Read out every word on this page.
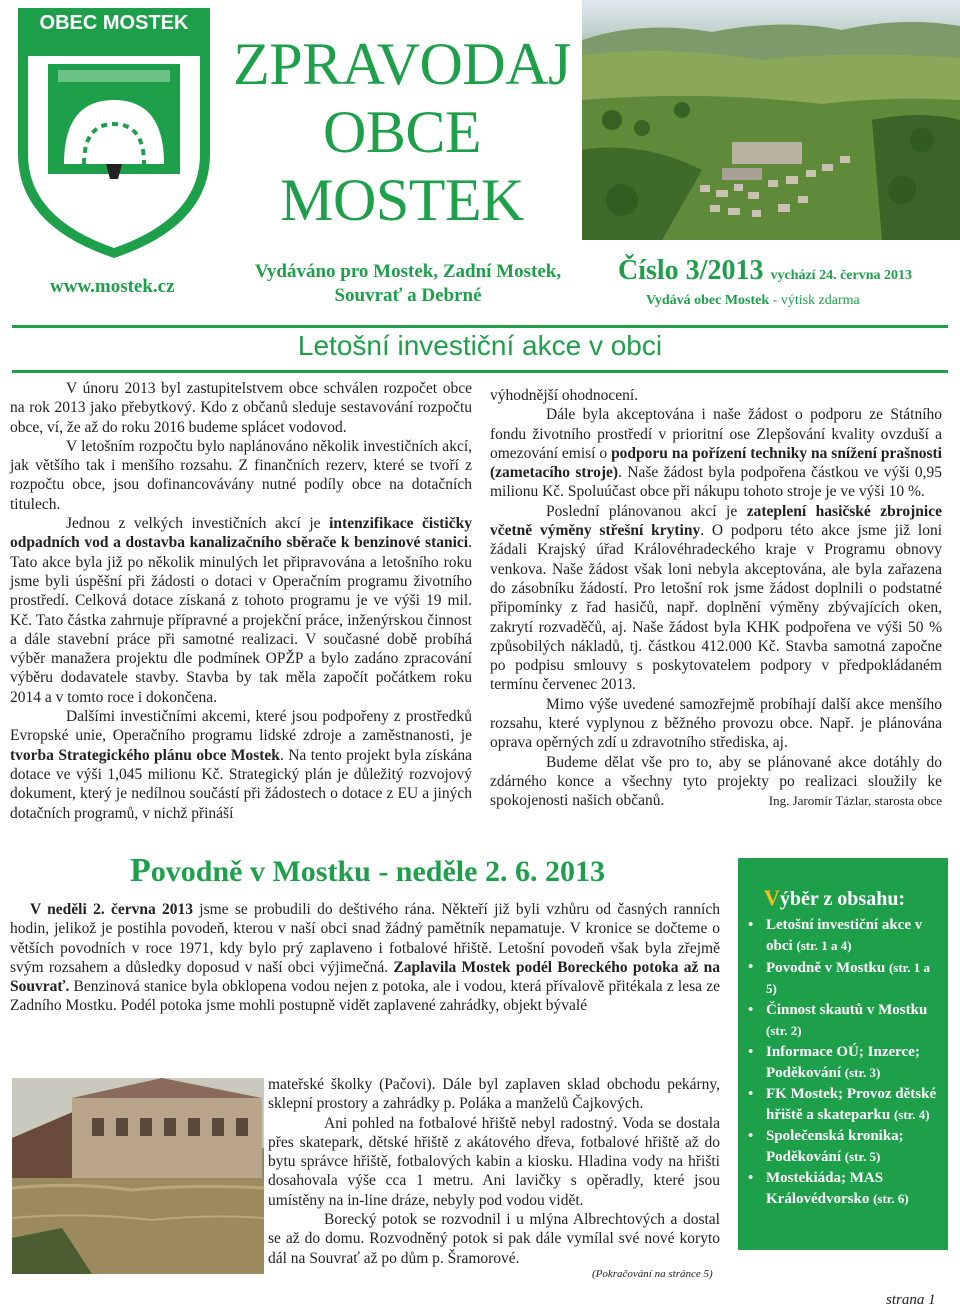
OBEC MOSTEK
www.mostek.cz
ZPRAVODAJ
OBCE
MOSTEK
Vydáváno pro Mostek, Zadní Mostek, Souvrať a Debrné
Číslo 3/2013 vychází 24. června 2013
Vydává obec Mostek - výtisk zdarma
Letošní investiční akce v obci

V únoru 2013 byl zastupitelstvem obce schválen rozpočet obce na rok 2013 jako přebytkový. Kdo z občanů sleduje sestavování rozpočtu obce, ví, že až do roku 2016 budeme splácet vodovod.

V letošním rozpočtu bylo naplánováno několik investičních akcí, jak většího tak i menšího rozsahu. Z finančních rezerv, které se tvoří z rozpočtu obce, jsou dofinancovávány nutné podíly obce na dotačních titulech.

Jednou z velkých investičních akcí je intenzifikace čističky odpadních vod a dostavba kanalizačního sběrače k benzinové stanici. Tato akce byla již po několik minulých let připravována a letošního roku jsme byli úspěšní při žádosti o dotaci v Operačním programu životního prostředí. Celková dotace získaná z tohoto programu je ve výši 19 mil. Kč. Tato částka zahrnuje přípravné a projekční práce, inženýrskou činnost a dále stavební práce při samotné realizaci. V současné době probíhá výběr manažera projektu dle podmínek OPŽP a bylo zadáno zpracování výběru dodavatele stavby. Stavba by tak měla započít počátkem roku 2014 a v tomto roce i dokončena.

Dalšími investičními akcemi, které jsou podpořeny z prostředků Evropské unie, Operačního programu lidské zdroje a zaměstnanosti, je tvorba Strategického plánu obce Mostek. Na tento projekt byla získána dotace ve výši 1,045 milionu Kč. Strategický plán je důležitý rozvojový dokument, který je nedílnou součástí při žádostech o dotace z EU a jiných dotačních programů, v nichž přináší

výhodnější ohodnocení.

Dále byla akceptována i naše žádost o podporu ze Státního fondu životního prostředí v prioritní ose Zlepšování kvality ovzduší a omezování emisí o podporu na pořízení techniky na snížení prašnosti (zametacího stroje). Naše žádost byla podpořena částkou ve výši 0,95 milionu Kč. Spoluúčast obce při nákupu tohoto stroje je ve výši 10 %.

Poslední plánovanou akcí je zateplení hasičské zbrojnice včetně výměny střešní krytiny. O podporu této akce jsme již loni žádali Krajský úřad Královéhradeckého kraje v Programu obnovy venkova. Naše žádost však loni nebyla akceptována, ale byla zařazena do zásobníku žádostí. Pro letošní rok jsme žádost doplnili o podstatné připomínky z řad hasičů, např. doplnění výměny zbývajících oken, zakrytí rozvaděčů, aj. Naše žádost byla KHK podpořena ve výši 50 % způsobilých nákladů, tj. částkou 412.000 Kč. Stavba samotná započne po podpisu smlouvy s poskytovatelem podpory v předpokládaném termínu červenec 2013.

Mimo výše uvedené samozřejmě probíhají další akce menšího rozsahu, které vyplynou z běžného provozu obce. Např. je plánována oprava opěrných zdí u zdravotního střediska, aj.

Budeme dělat vše pro to, aby se plánované akce dotáhly do zdárného konce a všechny tyto projekty po realizaci sloužily ke spokojenosti našich občanů.	Ing. Jaromír Tázlar, starosta obce

Povodně v Mostku - neděle 2. 6. 2013

V neděli 2. června 2013 jsme se probudili do deštivého rána. Někteří již byli vzhůru od časných ranních hodin, jelikož je postihla povodeň, kterou v naší obci snad žádný pamětník nepamatuje. V kronice se dočteme o větších povodních v roce 1971, kdy bylo prý zaplaveno i fotbalové hřiště. Letošní povodeň však byla zřejmě svým rozsahem a důsledky doposud v naší obci výjimečná. Zaplavila Mostek podél Boreckého potoka až na Souvrať. Benzinová stanice byla obklopena vodou nejen z potoka, ale i vodou, která přívalově přitékala z lesa ze Zadního Mostku. Podél potoka jsme mohli postupně vidět zaplavené zahrádky, objekt bývalé

mateřské školky (Pačovi). Dále byl zaplaven sklad obchodu pekárny, sklepní prostory a zahrádky p. Poláka a manželů Čajkových.

Ani pohled na fotbalové hřiště nebyl radostný. Voda se dostala přes skatepark, dětské hřiště z akátového dřeva, fotbalové hřiště až do bytu správce hřiště, fotbalových kabin a kiosku. Hladina vody na hřišti dosahovala výše cca 1 metru. Ani lavičky s opěradly, které jsou umístěny na in-line dráze, nebyly pod vodou vidět.

Borecký potok se rozvodnil i u mlýna Albrechtových a dostal se až do domu. Rozvodněný potok si pak dále vymílal své nové koryto dál na Souvrať až po dům p. Šramorové.

(Pokračování na stránce 5)
Výběr z obsahu:
• Letošní investiční akce v obci (str. 1 a 4)
• Povodně v Mostku (str. 1 a 5)
• Činnost skautů v Mostku (str. 2)
• Informace OÚ; Inzerce; Poděkování (str. 3)
• FK Mostek; Provoz dětské hřiště a skateparku (str. 4)
• Společenská kronika; Poděkování (str. 5)
• Mostekiáda; MAS Královédvorsko (str. 6)
strana 1
